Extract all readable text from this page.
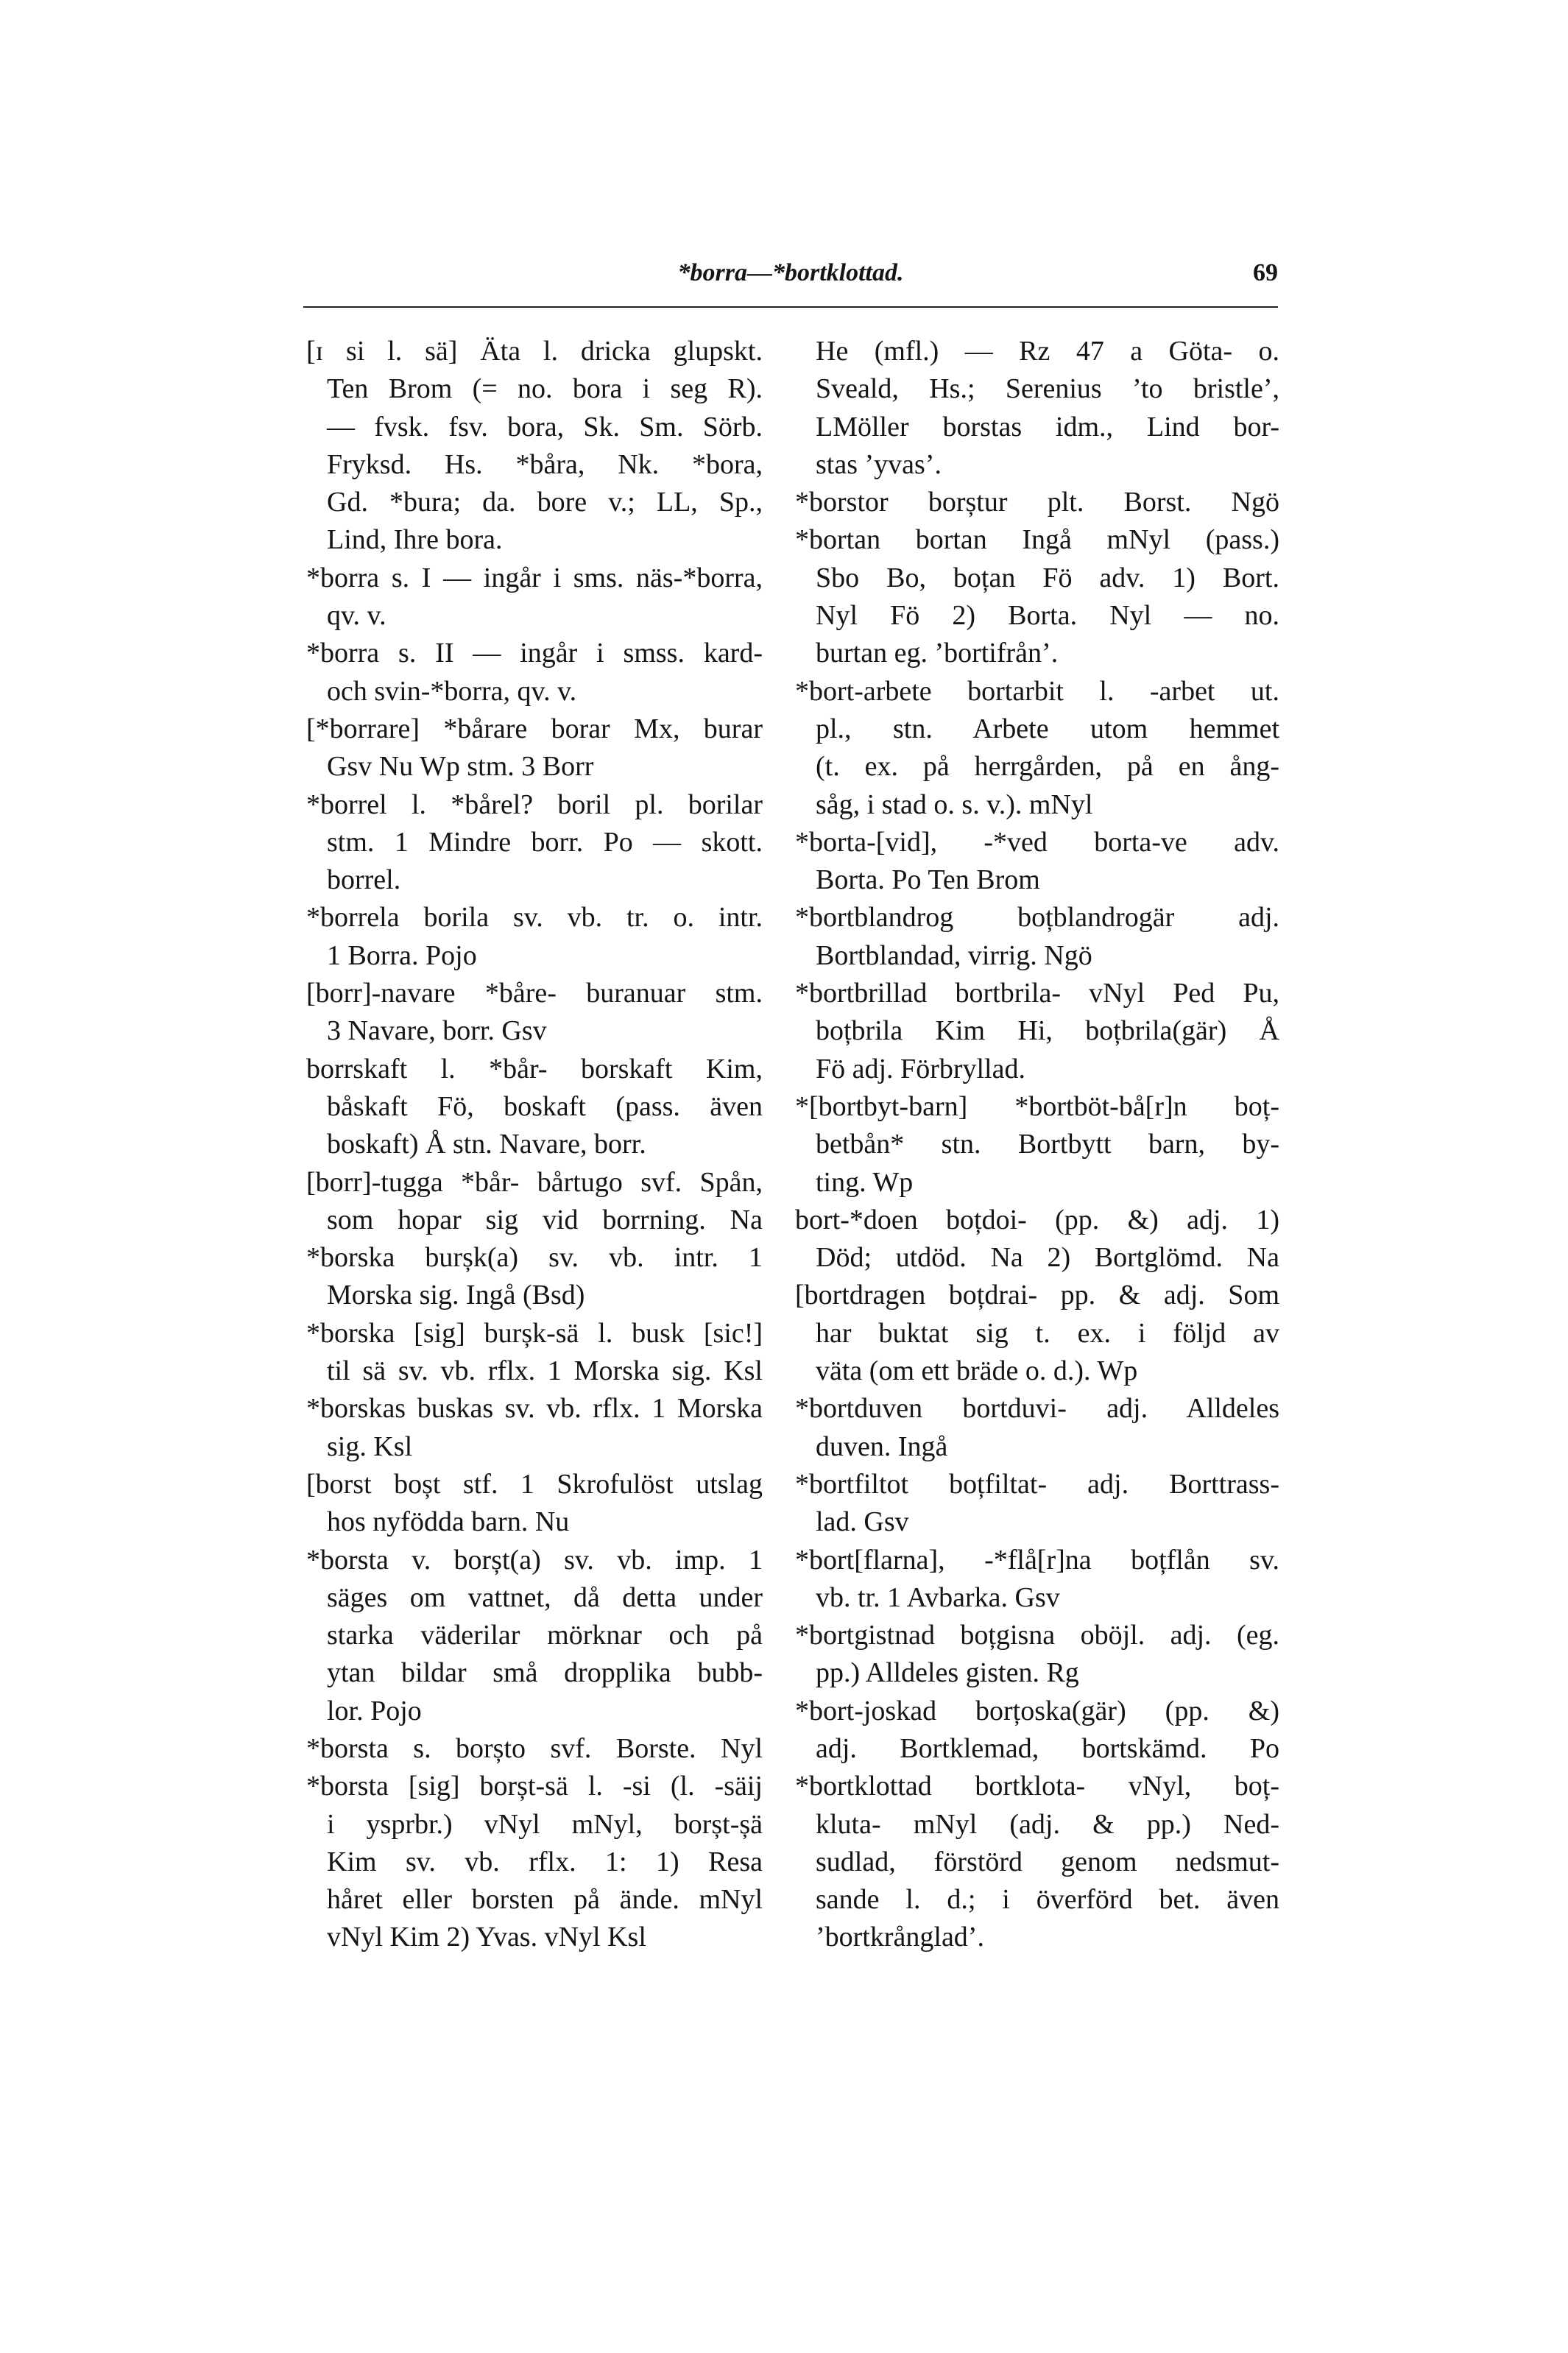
*borra—*bortklottad.	69
[ɪ si l. sä] Äta l. dricka glupskt.
Ten Brom (= no. bora i seg R).
— fvsk. fsv. bora, Sk. Sm. Sörb.
Fryksd. Hs. *båra, Nk. *bora,
Gd. *bura; da. bore v.; LL, Sp.,
Lind, Ihre bora.
*borra s. I — ingår i sms. näs-*borra,
qv. v.
*borra s. II — ingår i smss. kard-
och svin-*borra, qv. v.
[*borrare] *bårare borar Mx, burar
Gsv Nu Wp stm. 3 Borr
*borrel l. *bårel? boril pl. borilar
stm. 1 Mindre borr. Po — skott.
borrel.
*borrela borila sv. vb. tr. o. intr.
1 Borra. Pojo
[borr]-navare *båre- buranuar stm.
3 Navare, borr. Gsv
borrskaft l. *bår- borskaft Kim,
båskaft Fö, boskaft (pass. även
boskaft) Å stn. Navare, borr.
[borr]-tugga *bår- bårtugo svf. Spån,
som hopar sig vid borrning. Na
*borska burșk(a) sv. vb. intr. 1
Morska sig. Ingå (Bsd)
*borska [sig] burșk-sä l. busk [sic!]
til sä sv. vb. rflx. 1 Morska sig. Ksl
*borskas buskas sv. vb. rflx. 1 Morska
sig. Ksl
[borst boșt stf. 1 Skrofulöst utslag
hos nyfödda barn. Nu
*borsta v. borșt(a) sv. vb. imp. 1
säges om vattnet, då detta under
starka väderilar mörknar och på
ytan bildar små dropplika bubb-
lor. Pojo
*borsta s. borșto svf. Borste. Nyl
*borsta [sig] borșt-sä l. -si (l. -säij
i ysprbr.) vNyl mNyl, borșt-șä
Kim sv. vb. rflx. 1: 1) Resa
håret eller borsten på ände. mNyl
vNyl Kim 2) Yvas. vNyl Ksl
He (mfl.) — Rz 47 a Göta- o.
Sveald, Hs.; Serenius ’to bristle’,
LMöller borstas idm., Lind bor-
stas ’yvas’.
*borstor borștur plt. Borst. Ngö
*bortan bortan Ingå mNyl (pass.)
Sbo Bo, boțan Fö adv. 1) Bort.
Nyl Fö 2) Borta. Nyl — no.
burtan eg. ’bortifrån’.
*bort-arbete bortarbit l. -arbet ut.
pl., stn. Arbete utom hemmet
(t. ex. på herrgården, på en ång-
såg, i stad o. s. v.). mNyl
*borta-[vid], -*ved borta-ve adv.
Borta. Po Ten Brom
*bortblandrog boțblandrogär adj.
Bortblandad, virrig. Ngö
*bortbrillad bortbrila- vNyl Ped Pu,
boțbrila Kim Hi, boțbrila(gär) Å
Fö adj. Förbryllad.
*[bortbyt-barn] *bortböt-bå[r]n boț-
betbån* stn. Bortbytt barn, by-
ting. Wp
bort-*doen boțdoi- (pp. &) adj. 1)
Död; utdöd. Na 2) Bortglömd. Na
[bortdragen boțdrai- pp. & adj. Som
har buktat sig t. ex. i följd av
väta (om ett bräde o. d.). Wp
*bortduven bortduvi- adj. Alldeles
duven. Ingå
*bortfiltot boțfiltat- adj. Borttrass-
lad. Gsv
*bort[flarna], -*flå[r]na boțflån sv.
vb. tr. 1 Avbarka. Gsv
*bortgistnad boțgisna oböjl. adj. (eg.
pp.) Alldeles gisten. Rg
*bort-joskad borțoska(gär) (pp. &)
adj. Bortklemad, bortskämd. Po
*bortklottad bortklota- vNyl, boț-
kluta- mNyl (adj. & pp.) Ned-
sudlad, förstörd genom nedsmut-
sande l. d.; i överförd bet. även
’bortkrånglad’.
